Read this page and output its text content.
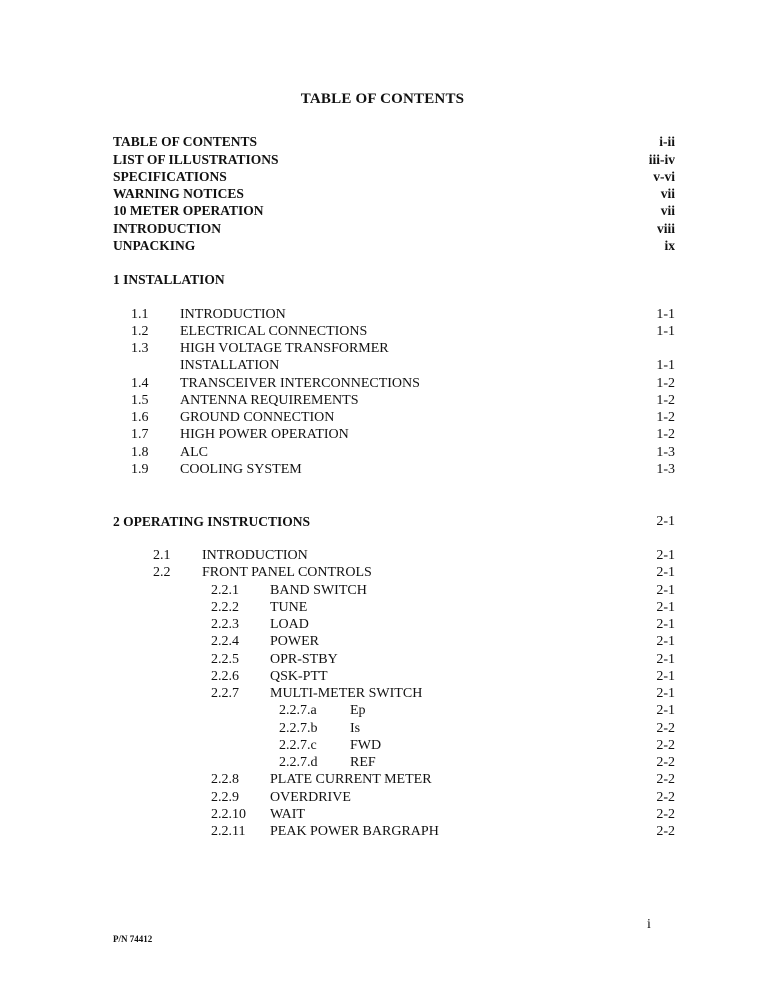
TABLE OF CONTENTS
TABLE OF CONTENTS	i-ii
LIST OF ILLUSTRATIONS	iii-iv
SPECIFICATIONS	v-vi
WARNING NOTICES	vii
10 METER OPERATION	vii
INTRODUCTION	viii
UNPACKING	ix
1 INSTALLATION
1.1 INTRODUCTION	1-1
1.2 ELECTRICAL CONNECTIONS	1-1
1.3 HIGH VOLTAGE TRANSFORMER
INSTALLATION	1-1
1.4 TRANSCEIVER INTERCONNECTIONS	1-2
1.5 ANTENNA REQUIREMENTS	1-2
1.6 GROUND CONNECTION	1-2
1.7 HIGH POWER OPERATION	1-2
1.8 ALC	1-3
1.9 COOLING SYSTEM	1-3
2 OPERATING INSTRUCTIONS	2-1
2.1 INTRODUCTION	2-1
2.2 FRONT PANEL CONTROLS	2-1
2.2.1 BAND SWITCH	2-1
2.2.2 TUNE	2-1
2.2.3 LOAD	2-1
2.2.4 POWER	2-1
2.2.5 OPR-STBY	2-1
2.2.6 QSK-PTT	2-1
2.2.7 MULTI-METER SWITCH	2-1
2.2.7.a Ep	2-1
2.2.7.b Is	2-2
2.2.7.c FWD	2-2
2.2.7.d REF	2-2
2.2.8 PLATE CURRENT METER	2-2
2.2.9 OVERDRIVE	2-2
2.2.10 WAIT	2-2
2.2.11 PEAK POWER BARGRAPH	2-2
i
P/N 74412
